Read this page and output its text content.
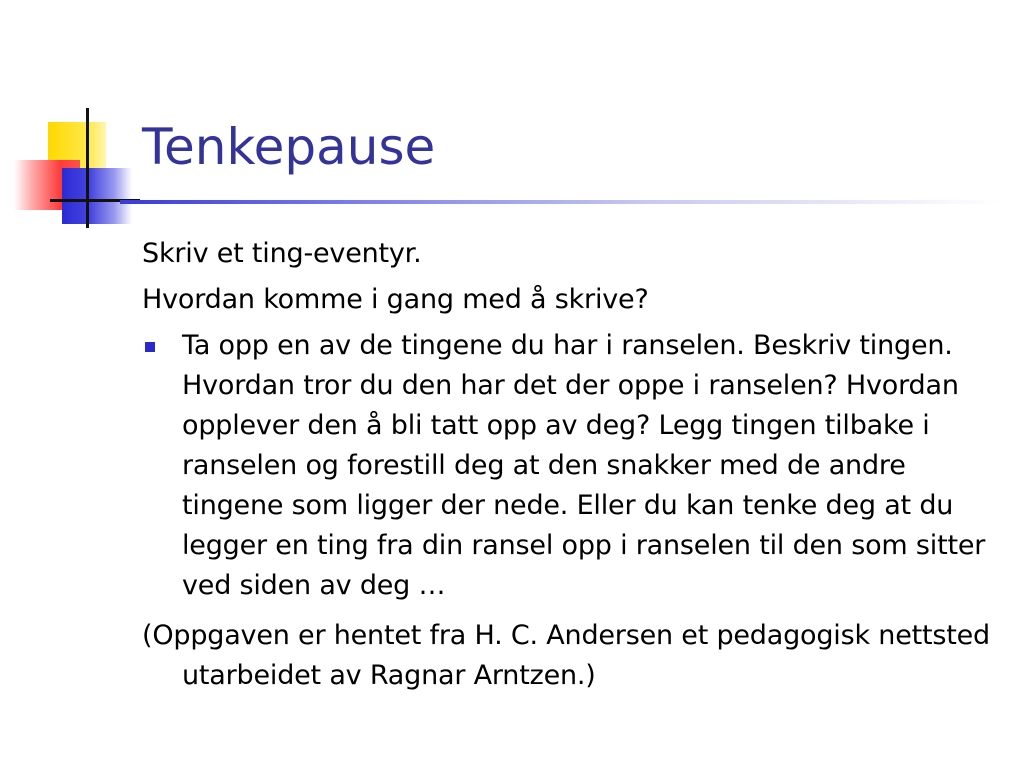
Tenkepause

Skriv et ting-eventyr.

Hvordan komme i gang med å skrive?

Ta opp en av de tingene du har i ranselen. Beskriv tingen. Hvordan tror du den har det der oppe i ranselen? Hvordan opplever den å bli tatt opp av deg? Legg tingen tilbake i ranselen og forestill deg at den snakker med de andre tingene som ligger der nede. Eller du kan tenke deg at du legger en ting fra din ransel opp i ranselen til den som sitter ved siden av deg …

(Oppgaven er hentet fra H. C. Andersen et pedagogisk nettsted utarbeidet av Ragnar Arntzen.)
